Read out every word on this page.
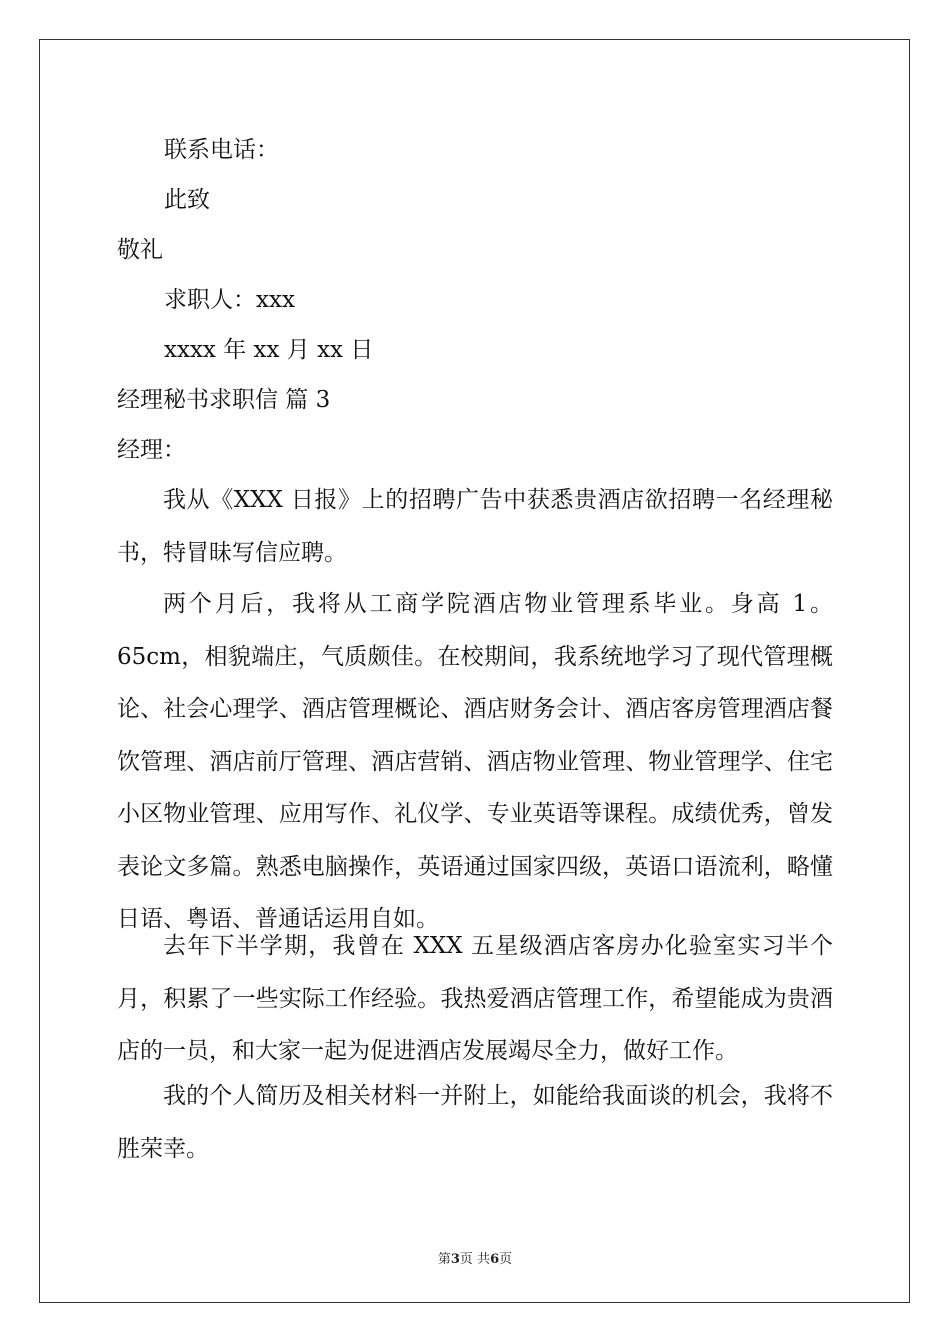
联系电话：
此致
敬礼
求职人：xxx
xxxx 年 xx 月 xx 日
经理秘书求职信 篇 3
经理：

我从《XXX 日报》上的招聘广告中获悉贵酒店欲招聘一名经理秘书，特冒昧写信应聘。

两个月后，我将从工商学院酒店物业管理系毕业。身高 1。65cm，相貌端庄，气质颇佳。在校期间，我系统地学习了现代管理概论、社会心理学、酒店管理概论、酒店财务会计、酒店客房管理酒店餐饮管理、酒店前厅管理、酒店营销、酒店物业管理、物业管理学、住宅小区物业管理、应用写作、礼仪学、专业英语等课程。成绩优秀，曾发表论文多篇。熟悉电脑操作，英语通过国家四级，英语口语流利，略懂日语、粤语、普通话运用自如。

去年下半学期，我曾在 XXX 五星级酒店客房办化验室实习半个月，积累了一些实际工作经验。我热爱酒店管理工作，希望能成为贵酒店的一员，和大家一起为促进酒店发展竭尽全力，做好工作。

我的个人简历及相关材料一并附上，如能给我面谈的机会，我将不胜荣幸。

第3页 共6页
